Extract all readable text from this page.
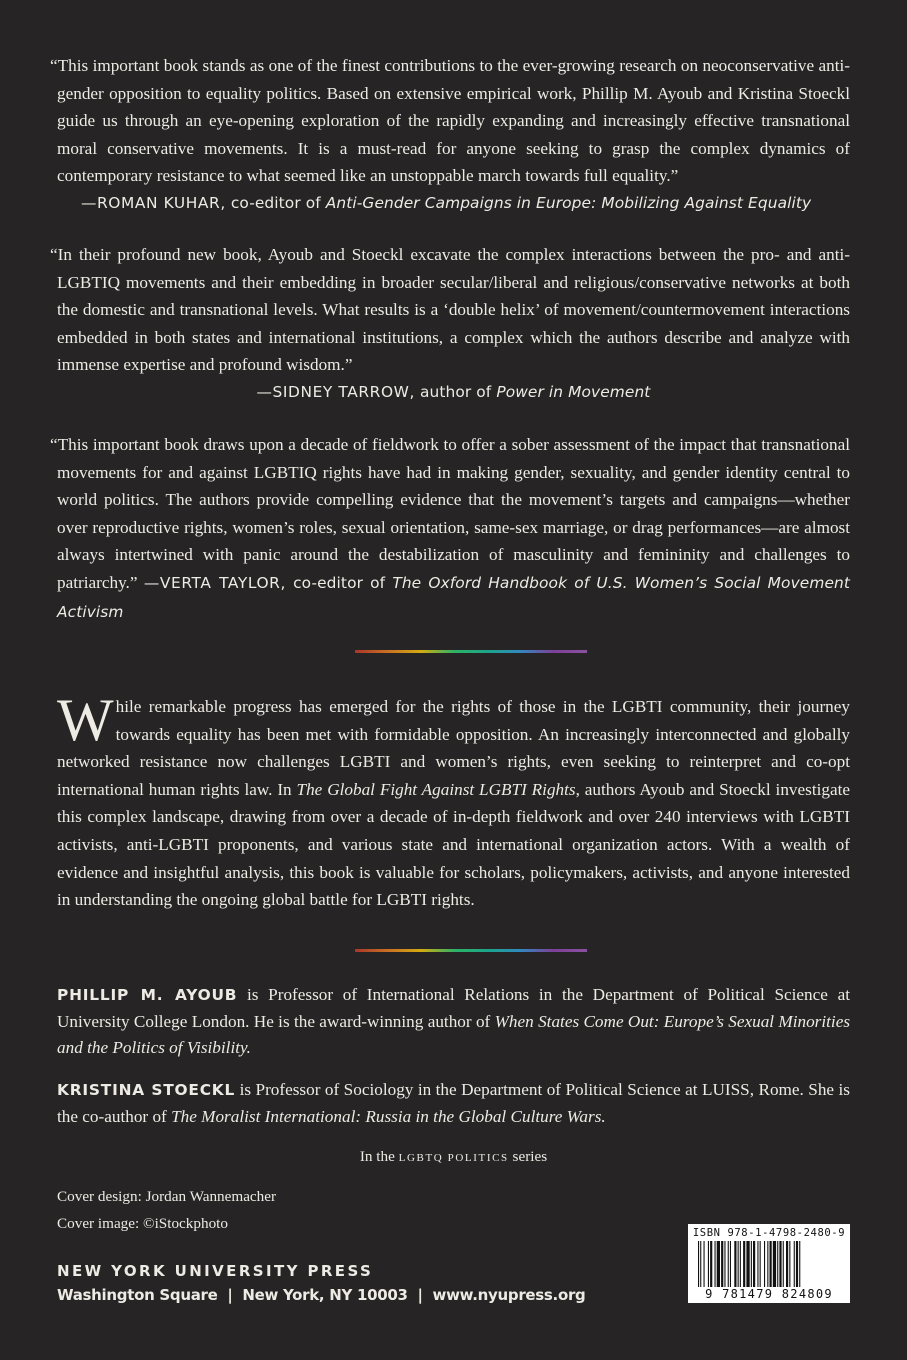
“This important book stands as one of the finest contributions to the ever-growing research on neoconservative anti-gender opposition to equality politics. Based on extensive empirical work, Phillip M. Ayoub and Kristina Stoeckl guide us through an eye-opening exploration of the rapidly expanding and increasingly effective transnational moral conservative movements. It is a must-read for anyone seeking to grasp the complex dynamics of contemporary resistance to what seemed like an unstoppable march towards full equality.”

—ROMAN KUHAR, co-editor of Anti-Gender Campaigns in Europe: Mobilizing Against Equality

“In their profound new book, Ayoub and Stoeckl excavate the complex interactions between the pro- and anti-LGBTIQ movements and their embedding in broader secular/liberal and religious/conservative networks at both the domestic and transnational levels. What results is a ‘double helix’ of movement/countermovement interactions embedded in both states and international institutions, a complex which the authors describe and analyze with immense expertise and profound wisdom.”

—SIDNEY TARROW, author of Power in Movement

“This important book draws upon a decade of fieldwork to offer a sober assessment of the impact that transnational movements for and against LGBTIQ rights have had in making gender, sexuality, and gender identity central to world politics. The authors provide compelling evidence that the movement’s targets and campaigns—whether over reproductive rights, women’s roles, sexual orientation, same-sex marriage, or drag performances—are almost always intertwined with panic around the destabilization of masculinity and femininity and challenges to patriarchy.” —VERTA TAYLOR, co-editor of The Oxford Handbook of U.S. Women’s Social Movement Activism

While remarkable progress has emerged for the rights of those in the LGBTI community, their journey towards equality has been met with formidable opposition. An increasingly interconnected and globally networked resistance now challenges LGBTI and women’s rights, even seeking to reinterpret and co-opt international human rights law. In The Global Fight Against LGBTI Rights, authors Ayoub and Stoeckl investigate this complex landscape, drawing from over a decade of in-depth fieldwork and over 240 interviews with LGBTI activists, anti-LGBTI proponents, and various state and international organization actors. With a wealth of evidence and insightful analysis, this book is valuable for scholars, policymakers, activists, and anyone interested in understanding the ongoing global battle for LGBTI rights.
PHILLIP M. AYOUB is Professor of International Relations in the Department of Political Science at University College London. He is the award-winning author of When States Come Out: Europe’s Sexual Minorities and the Politics of Visibility.
KRISTINA STOECKL is Professor of Sociology in the Department of Political Science at LUISS, Rome. She is the co-author of The Moralist International: Russia in the Global Culture Wars.
In the LGBTQ POLITICS series
Cover design: Jordan Wannemacher
Cover image: ©iStockphoto
NEW YORK UNIVERSITY PRESS
Washington Square  |  New York, NY 10003  |  www.nyupress.org
ISBN 978-1-4798-2480-9
9 781479 824809
